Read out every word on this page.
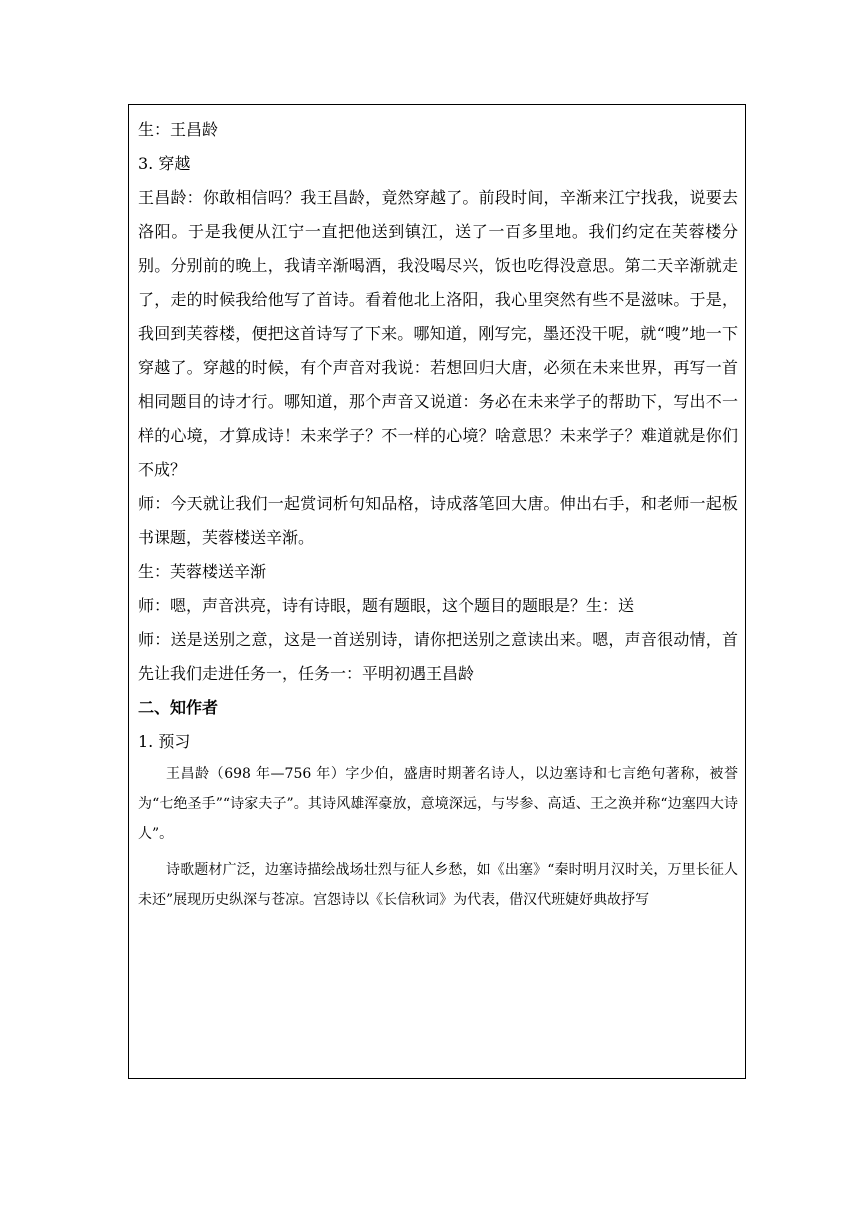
生：王昌龄

3. 穿越

王昌龄：你敢相信吗？我王昌龄，竟然穿越了。前段时间，辛渐来江宁找我，说要去洛阳。于是我便从江宁一直把他送到镇江，送了一百多里地。我们约定在芙蓉楼分别。分别前的晚上，我请辛渐喝酒，我没喝尽兴，饭也吃得没意思。第二天辛渐就走了，走的时候我给他写了首诗。看着他北上洛阳，我心里突然有些不是滋味。于是，我回到芙蓉楼，便把这首诗写了下来。哪知道，刚写完，墨还没干呢，就“嗖”地一下穿越了。穿越的时候，有个声音对我说：若想回归大唐，必须在未来世界，再写一首相同题目的诗才行。哪知道，那个声音又说道：务必在未来学子的帮助下，写出不一样的心境，才算成诗！未来学子？不一样的心境？啥意思？未来学子？难道就是你们不成？

师：今天就让我们一起赏词析句知品格，诗成落笔回大唐。伸出右手，和老师一起板书课题，芙蓉楼送辛渐。

生：芙蓉楼送辛渐

师：嗯，声音洪亮，诗有诗眼，题有题眼，这个题目的题眼是？生：送

师：送是送别之意，这是一首送别诗，请你把送别之意读出来。嗯，声音很动情，首先让我们走进任务一，任务一：平明初遇王昌龄

二、知作者

1. 预习

王昌龄（698 年—756 年）字少伯，盛唐时期著名诗人，以边塞诗和七言绝句著称，被誉为“七绝圣手”“诗家夫子”。其诗风雄浑豪放，意境深远，与岑参、高适、王之涣并称“边塞四大诗人”。

诗歌题材广泛，边塞诗描绘战场壮烈与征人乡愁，如《出塞》“秦时明月汉时关，万里长征人未还”展现历史纵深与苍凉。宫怨诗以《长信秋词》为代表，借汉代班婕妤典故抒写
